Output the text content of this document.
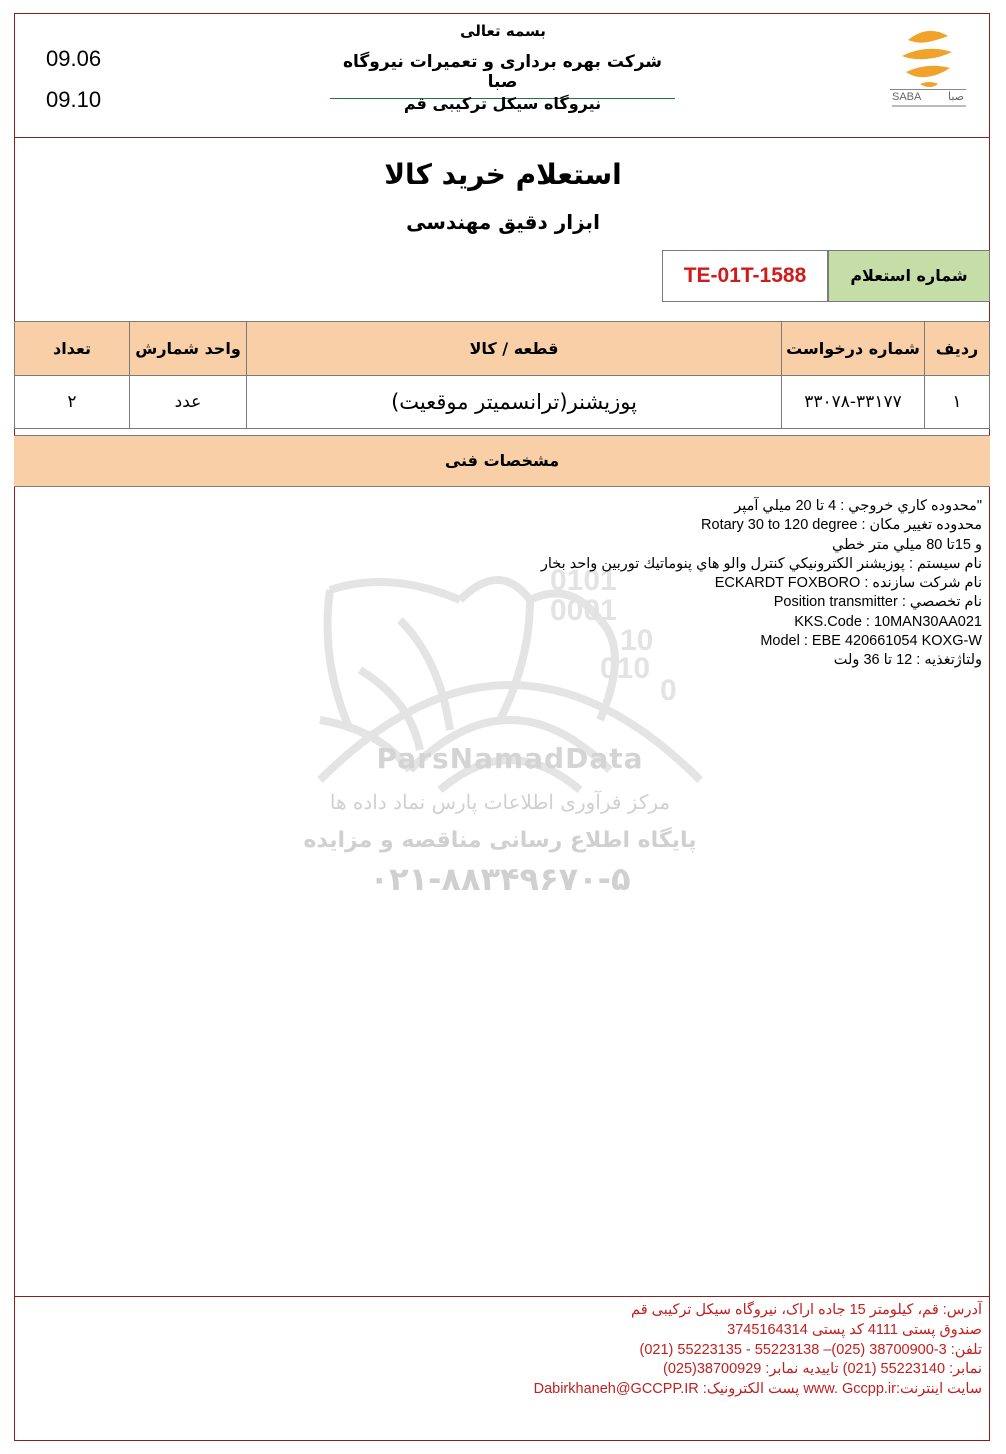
09.06
09.10
بسمه تعالی
شرکت بهره برداری و تعمیرات نیروگاه صبا
نیروگاه سیکل ترکیبی قم	SABA صبا
استعلام خرید کالا
ابزار دقیق مهندسی
TE-01T-1588	شماره استعلام
ردیف	شماره درخواست	قطعه / کالا	واحد شمارش	تعداد
۱	۳۳۰۷۸-۳۳۱۷۷	پوزیشنر(ترانسمیتر موقعیت)	عدد	۲
مشخصات فنی
0101
0001
10
010
0
ParsNamadData
مرکز فرآوری اطلاعات پارس نماد داده ها
پایگاه اطلاع رسانی مناقصه و مزایده
۰۲۱-۸۸۳۴۹۶۷۰-۵
"محدوده کاري خروجي : 4 تا 20 ميلي آمپر
محدوده تغيير مكان : Rotary 30 to 120 degree
و 15تا 80 ميلي متر خطي
نام سيستم : پوزيشنر الكترونيكي كنترل والو هاي پنوماتيك توربين واحد بخار
نام شركت سازنده : ECKARDT FOXBORO
نام تخصصي : Position transmitter
KKS.Code : 10MAN30AA021
Model : EBE 420661054 KOXG-W
ولتاژتغذيه : 12 تا 36 ولت
آدرس: قم، کیلومتر 15 جاده اراک، نیروگاه سیکل ترکیبی قم
صندوق پستی 4111 کد پستی 3745164314
تلفن: 3-38700900 (025)– 55223138 - 55223135 (021)
نمابر: 55223140 (021) تاییدیه نمابر: 38700929(025)
سایت اینترنت:www. Gccpp.ir پست الکترونیک: Dabirkhaneh@GCCPP.IR
